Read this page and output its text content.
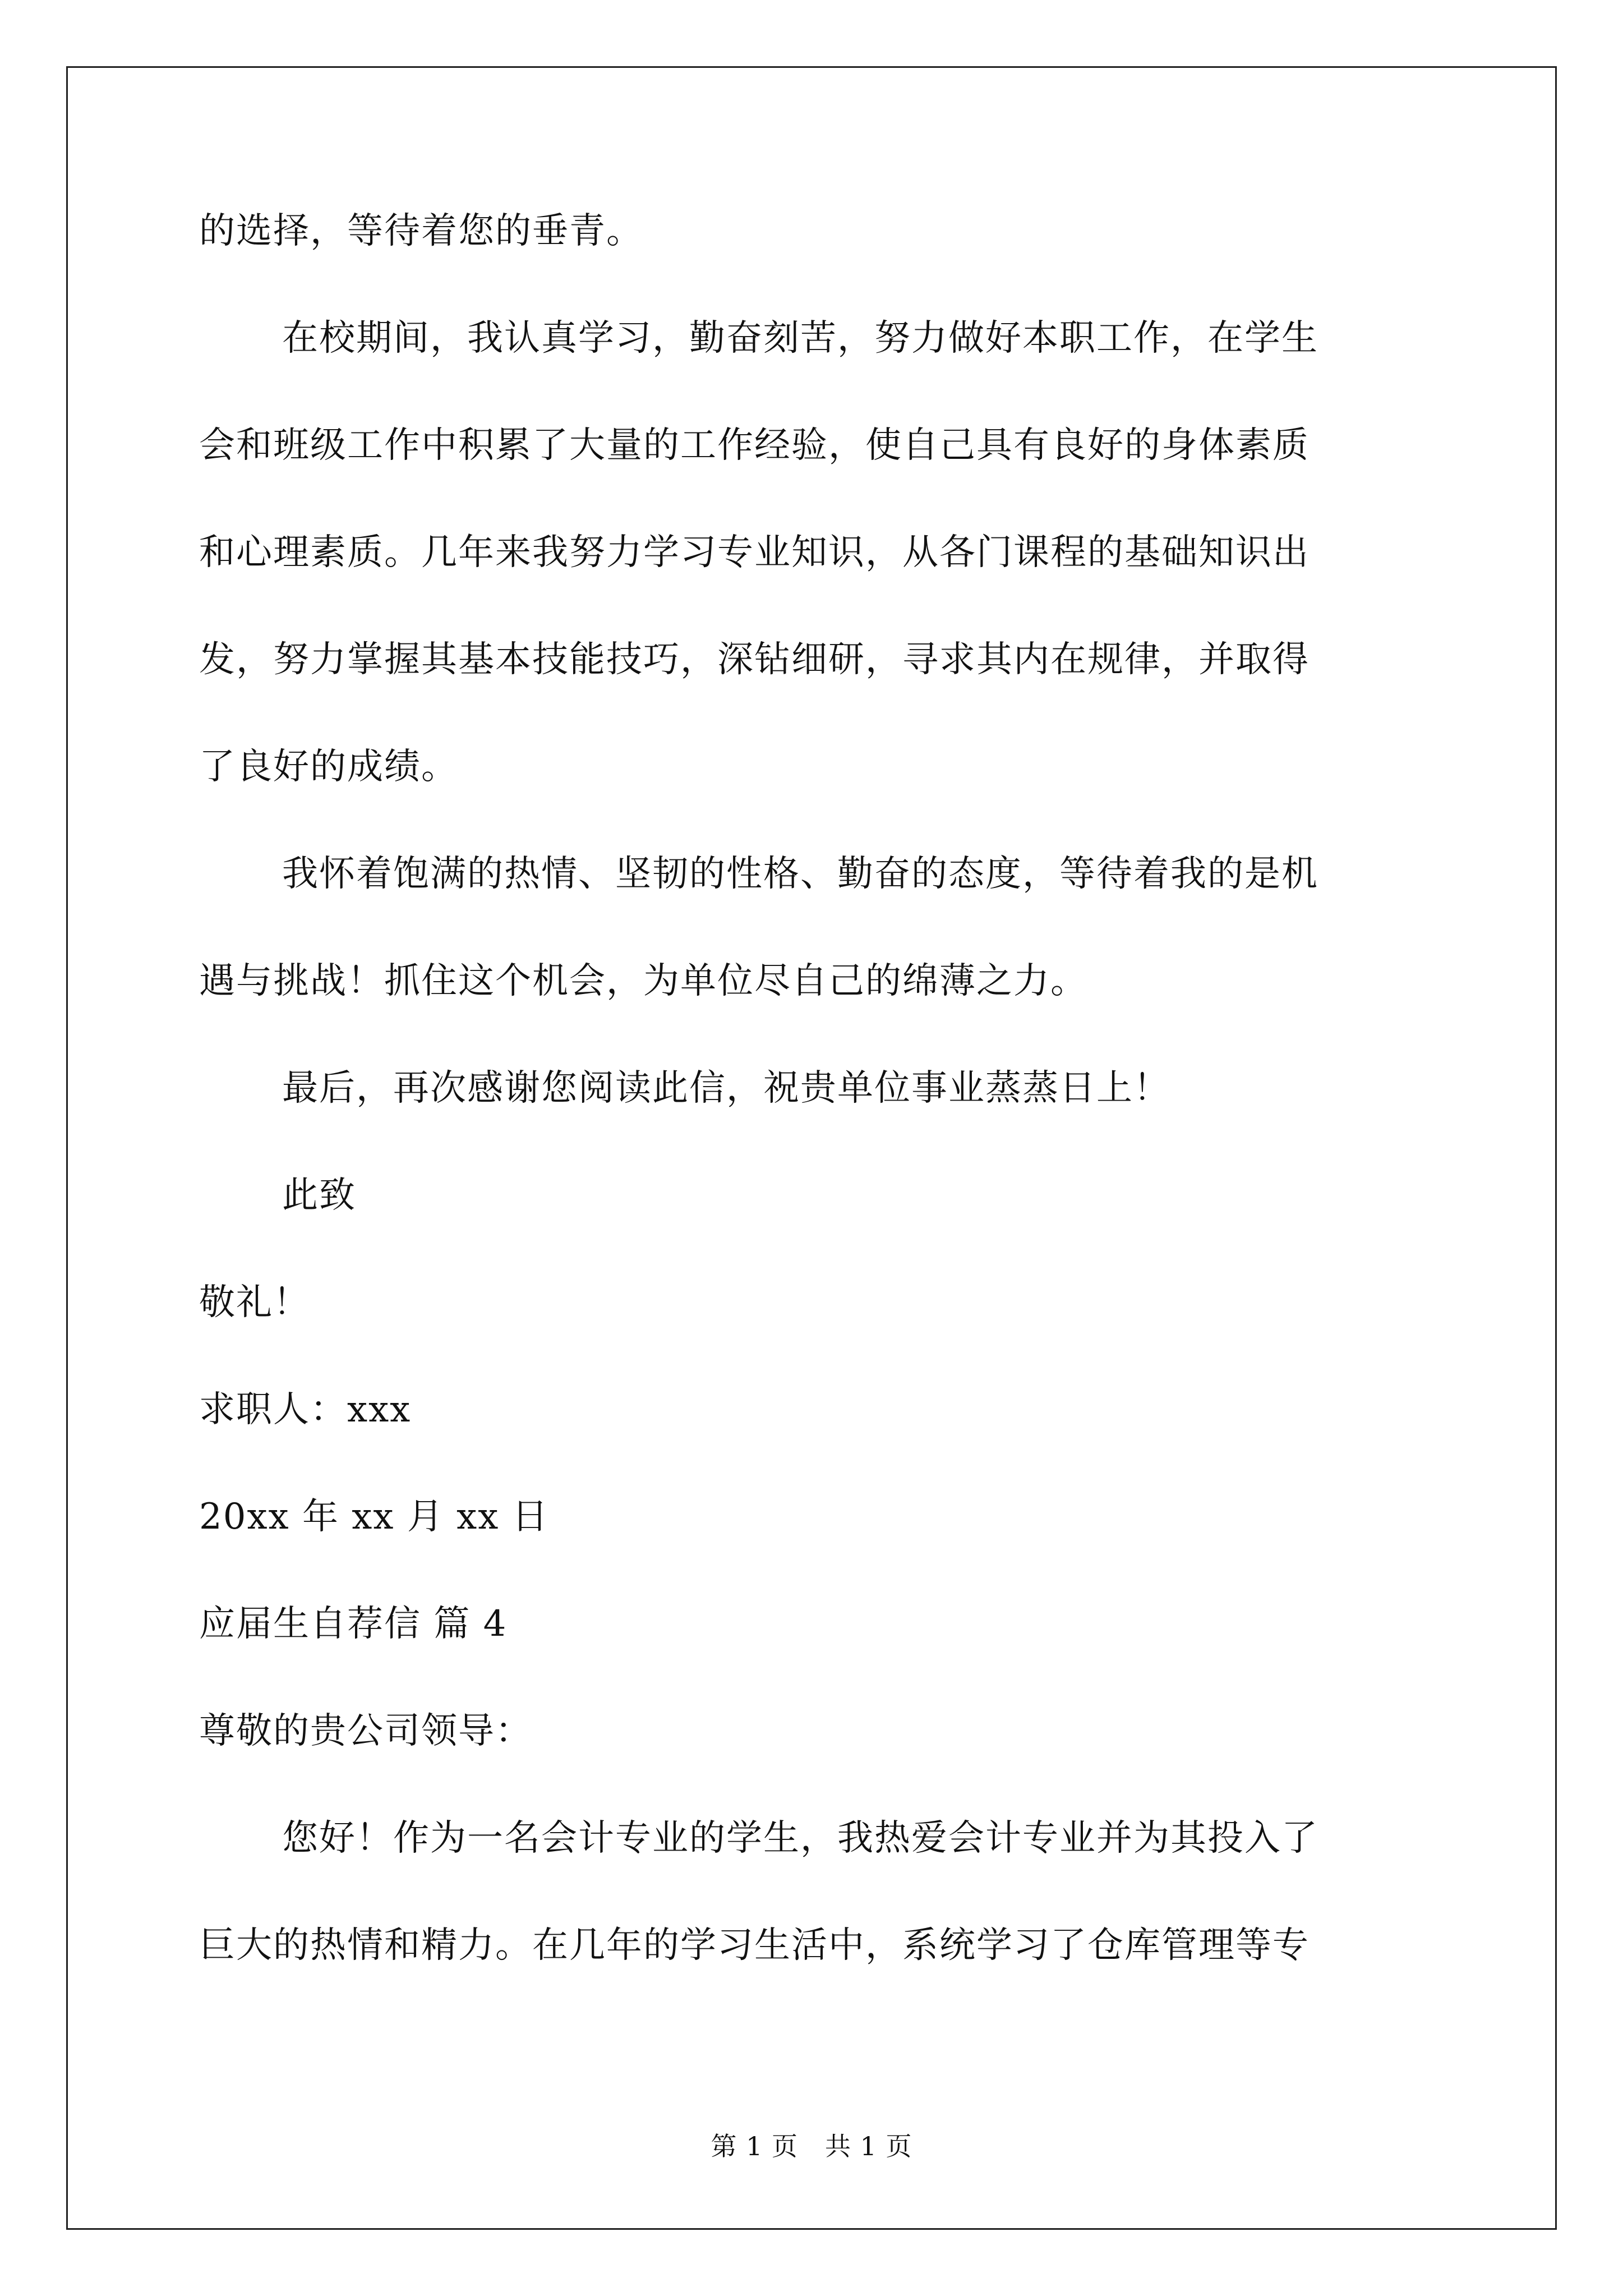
的选择，等待着您的垂青。
在校期间，我认真学习，勤奋刻苦，努力做好本职工作，在学生
会和班级工作中积累了大量的工作经验，使自己具有良好的身体素质
和心理素质。几年来我努力学习专业知识，从各门课程的基础知识出
发，努力掌握其基本技能技巧，深钻细研，寻求其内在规律，并取得
了良好的成绩。
我怀着饱满的热情、坚韧的性格、勤奋的态度，等待着我的是机
遇与挑战！抓住这个机会，为单位尽自己的绵薄之力。
最后，再次感谢您阅读此信，祝贵单位事业蒸蒸日上！
此致
敬礼！
求职人：xxx
20xx 年 xx 月 xx 日
应届生自荐信 篇 4
尊敬的贵公司领导：
您好！作为一名会计专业的学生，我热爱会计专业并为其投入了
巨大的热情和精力。在几年的学习生活中，系统学习了仓库管理等专
第 1 页 共 1 页
